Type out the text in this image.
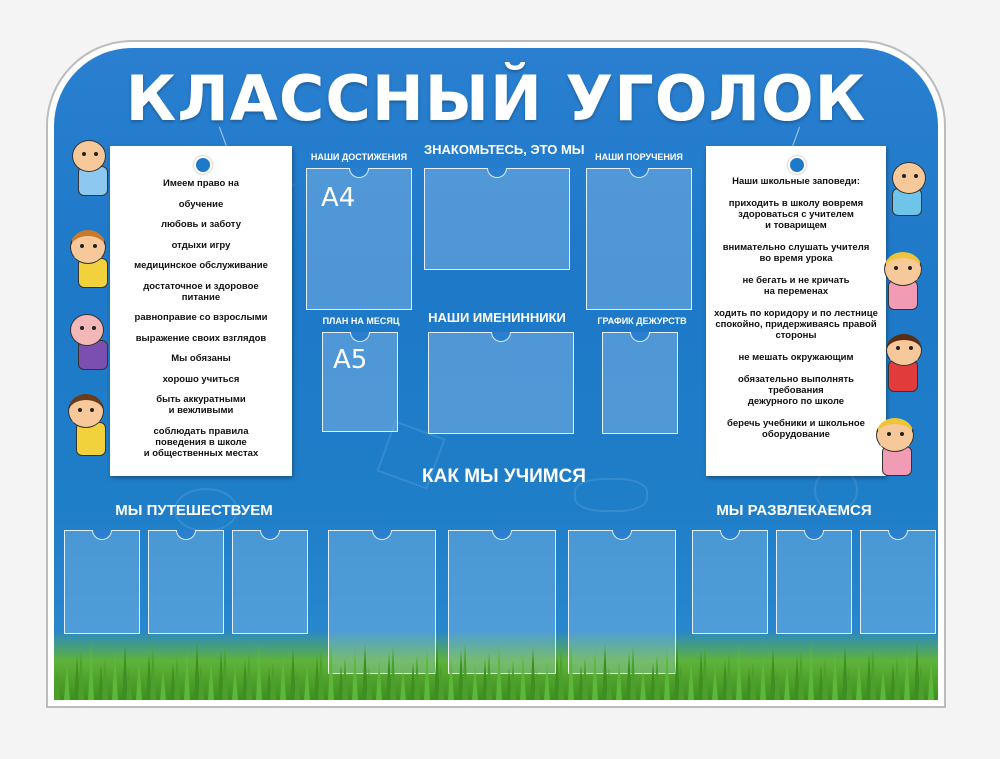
КЛАССНЫЙ УГОЛОК
Имеем право на
обучение
любовь и заботу
отдыхи игру
медицинское обслуживание
достаточное и здоровое
питание
равноправие со взрослыми
выражение своих взглядов
Мы обязаны
хорошо учиться
быть аккуратными
и вежливыми
соблюдать правила
поведения в школе
и общественных местах
Наши школьные заповеди:
приходить в школу вовремя
здороваться с учителем
и товарищем
внимательно слушать учителя
во время урока
не бегать и не кричать
на переменах
ходить по коридору и по лестнице
спокойно, придерживаясь правой
стороны
не мешать окружающим
обязательно выполнять
требования
дежурного по школе
беречь учебники и школьное
оборудование
НАШИ ДОСТИЖЕНИЯ	ЗНАКОМЬТЕСЬ, ЭТО МЫ	НАШИ ПОРУЧЕНИЯ
A4
ПЛАН НА МЕСЯЦ	НАШИ ИМЕНИННИКИ	ГРАФИК ДЕЖУРСТВ
A5
КАК МЫ УЧИМСЯ
МЫ ПУТЕШЕСТВУЕМ	МЫ РАЗВЛЕКАЕМСЯ
